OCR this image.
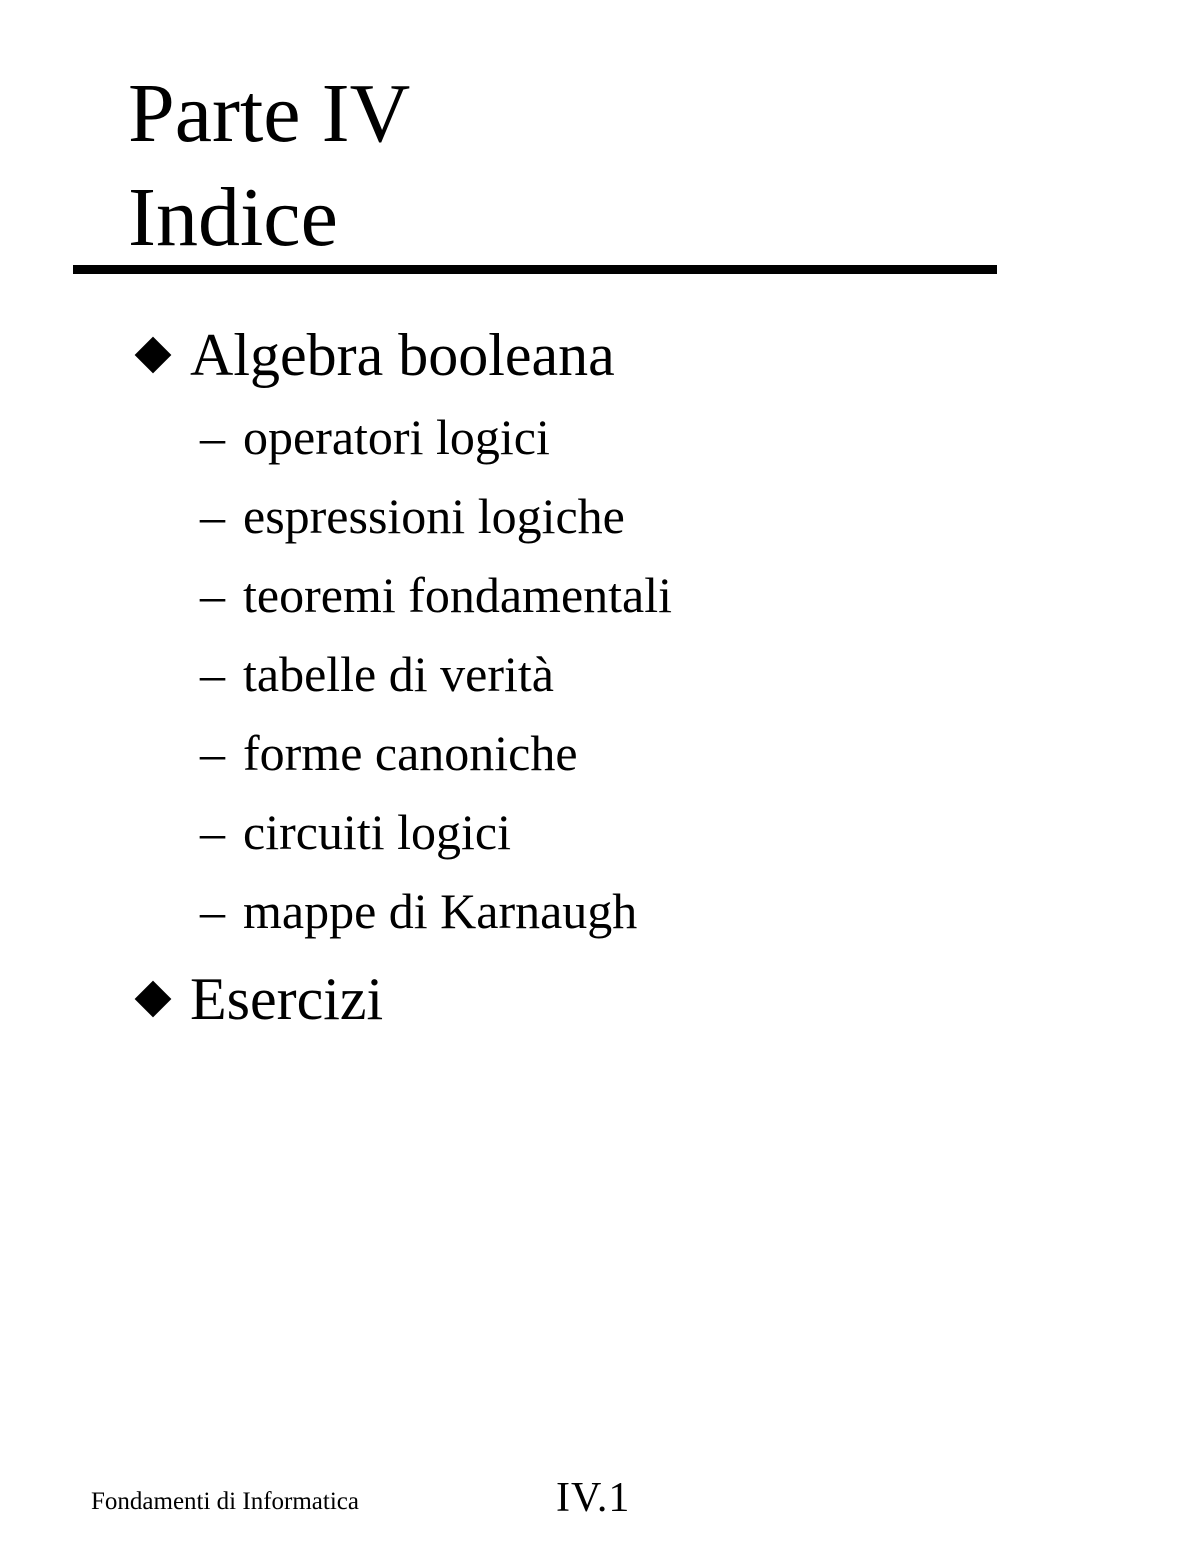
Parte IV
Indice
Algebra booleana
– operatori logici
– espressioni logiche
– teoremi fondamentali
– tabelle di verità
– forme canoniche
– circuiti logici
– mappe di Karnaugh
Esercizi
Fondamenti di Informatica	IV.1
